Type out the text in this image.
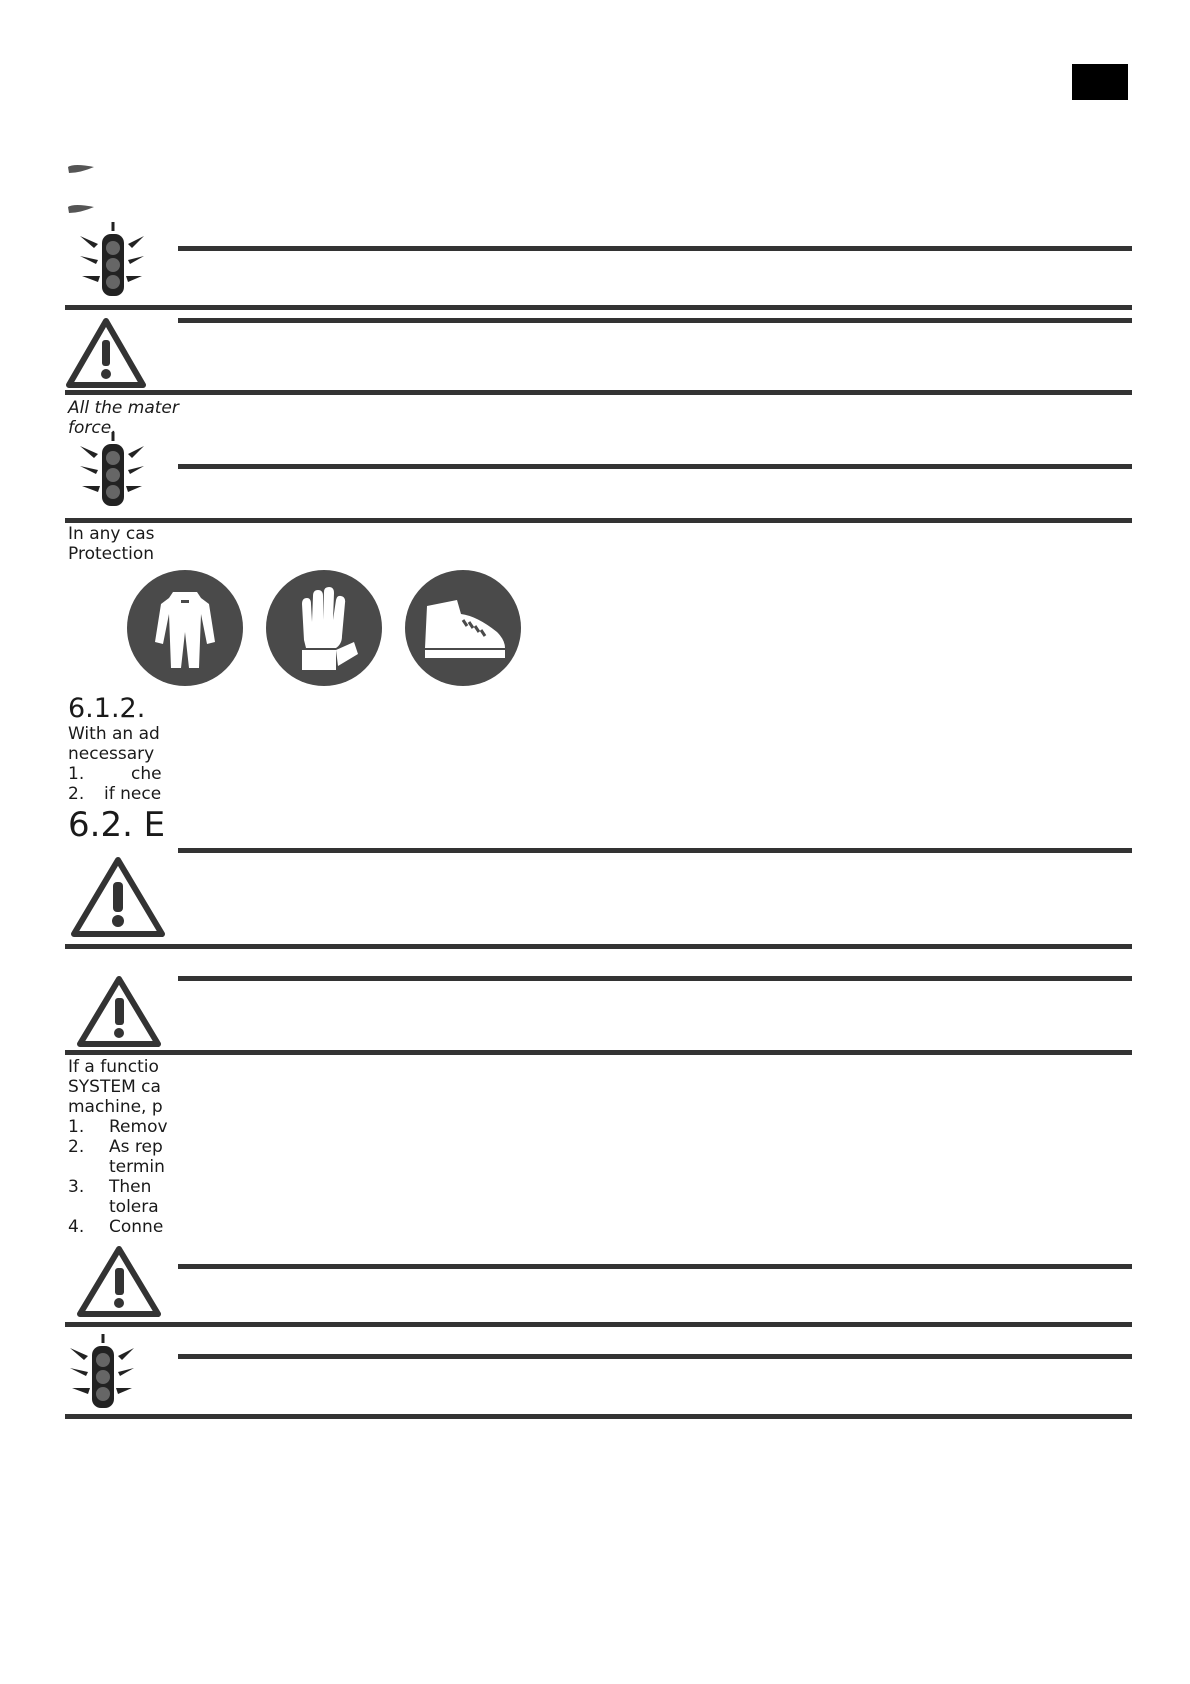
All the mater
force.
In any cas
Protection
6.1.2.
With an ad
necessary
1.	che
2. if nece
6.2. E
If a functio
SYSTEM ca
machine, p
1. Remov
2. As rep
termin
3. Then
tolera
4. Conne
